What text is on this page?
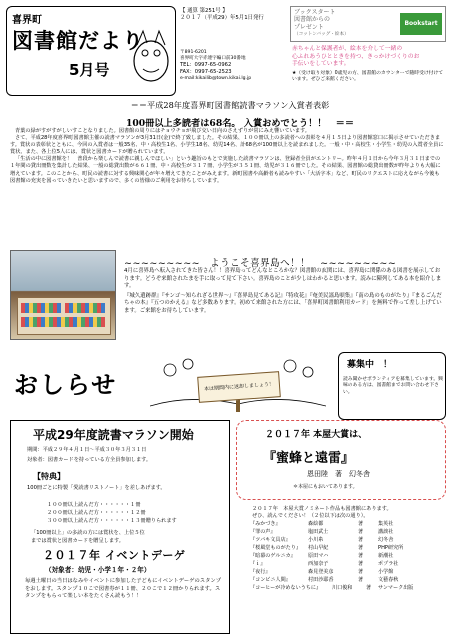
喜界町
図書館だより
5月号
【 通算 第251号 】
２０１７（平成29）年5月1日発行
〒891-6201
喜界町大字赤連字編口前30番地
TEL：0997-65-0962
FAX：0997-65-2523
e-mail:kikailib@town.kikai.lg.jp
ブックスタート
図書館からの
プレゼント
（コットンバッグ・絵本）
Bookstart
赤ちゃんと保護者が、絵本を介して一緒の
心ふれあうひとときを持つ、きっかけづくりのお
手伝いをしています。
★（受け取り対象）0歳児の方、図書館のカウンターで随時受け付けています。ぜひご来館ください。
＝＝平成28年度喜界町図書館読書マラソン入賞者表彰
100冊以上多読者は68名。 入賞おめでとう！！　＝＝

青葉の緑がすがすがしいすことなりました。図書館の周りにはチョウチョが飛び交い日向のさえずりが常にみえ響いています。

さて、平成28年度喜界町図書館主催の読書マラソンが3月31日(金)で終了致しました。その結果、１００冊以上の多読者への表彰を４月１５日より図書館窓口に掲示させていただきます。賞状の表彰状とともに、今回の入賞者は一般35名、中・高校生1名、小学生18名、幼児14名、計68名が100冊以上を読まれました。一般・中・高校生・小学生・幼児の入賞者全員に賞状、また、各上位5人には、賞状と図書カードが贈られています。

「生活の中に図書館を！　普段から楽しんで読書に親しんでほしい」という趣旨のもとで実施した読書マラソンは、登録者全員がエントリー。昨年４月１日から今年３月３１日までの１年間の貸出冊数を集計した結果、一般の総貸出数が６６１冊、中・高校生が３１７冊、小学生が３５１冊、幼児が３１６冊でした。その結果、図書館の総貸出冊数が昨年よりも大幅に増えています。このことから、町民の読書に対する興味関心が年々増えてきたことがみえます。新町図書や高齢者も読みやすい「大活字本」など、町民のリクエストに応えながら今後も図書館の充実を図っていきたいと思いますので、多くの皆様のご利用をお待ちしています。

~~~~~~~~~　ようこそ喜界島へ！！　~~~~~~~~~

4月に喜界島へ転入されてきた皆さん！！喜界島ってどんなところかな？図書館の玄関には、喜界島に関係のある図書を展示しております。どうぞ来館されたまを手に取って見て下さい。喜界島のことが少しはわかると思います。読みに陳列してある本を紹介します。

『城久遺跡群』『サンゴ～知られざる世界～』『喜界島見てある記』『特攻花』『奄美民謡島唄集』『南の島のものがたり』『まるごんだちゃの本』『五つのかえる』など多数あります。初めて来館された方には、「喜界町図書館利用カード」を無料で作って差し上げています。ご来館をお待ちしています。

おしらせ	本は期間内に返却しましょう！
募集中　！
読み聞かせボランティアを募集しています。興味のある方は、図書館までお問い合わせ下さい。
平成29年度読書マラソン開始
期間：平成２９年４月１日～平成３０年３月３１日
対象者：図書カードを持っている方全員参加します。
【特典】
100冊ごとに特製「愛読書リストノート」を差しあげます。
１００冊以上読んだ方・・・・・・１冊
２００冊以上読んだ方・・・・・・１２冊
３００冊以上読んだ方・・・・・・１３冊贈りられます
「100冊以上」の多読の方には賞状を、上位５位
までは賞状と図書カードを贈呈します。
２０１７年 イベントデーゲ
（対象者：幼児・小学１年・２年）
毎週土曜日の当日はなみやイベントに参加した子どもにイベントデーゲのスタンプをおします。スタンプ１０こで図書券が１１冊、２０こで１２冊かりられます。スタンプをもらって楽しい本をたくさん読もう！！
２０１７年 本屋大賞は、
『蜜蜂と遠雷』
恩田陸　著　幻冬舎
＊本屋にもおいてあります。
２０１７年　本屋大賞ノミネート作品も図書館にあります。
ぜひ、読んでください！（２位以下は次の通り）。
『みかづき』	森絵都	著	集英社
『罪の声』	塩田武士	著	講談社
『ツバキ文具店』	小川糸	著	幻冬舎
『桜風堂ものがたり』	村山早紀	著	PHP研究所
『暗幕のゲルニカ』	原田マハ	著	新潮社
『ｉ』	西加奈子	著	ポプラ社
『夜行』	森見登美彦	著	小学館
『コンビニ人間』	村田沙耶香	著	文藝春秋
『コーヒーが冷めないうちに』	川口俊和	著	サンマーク出版
